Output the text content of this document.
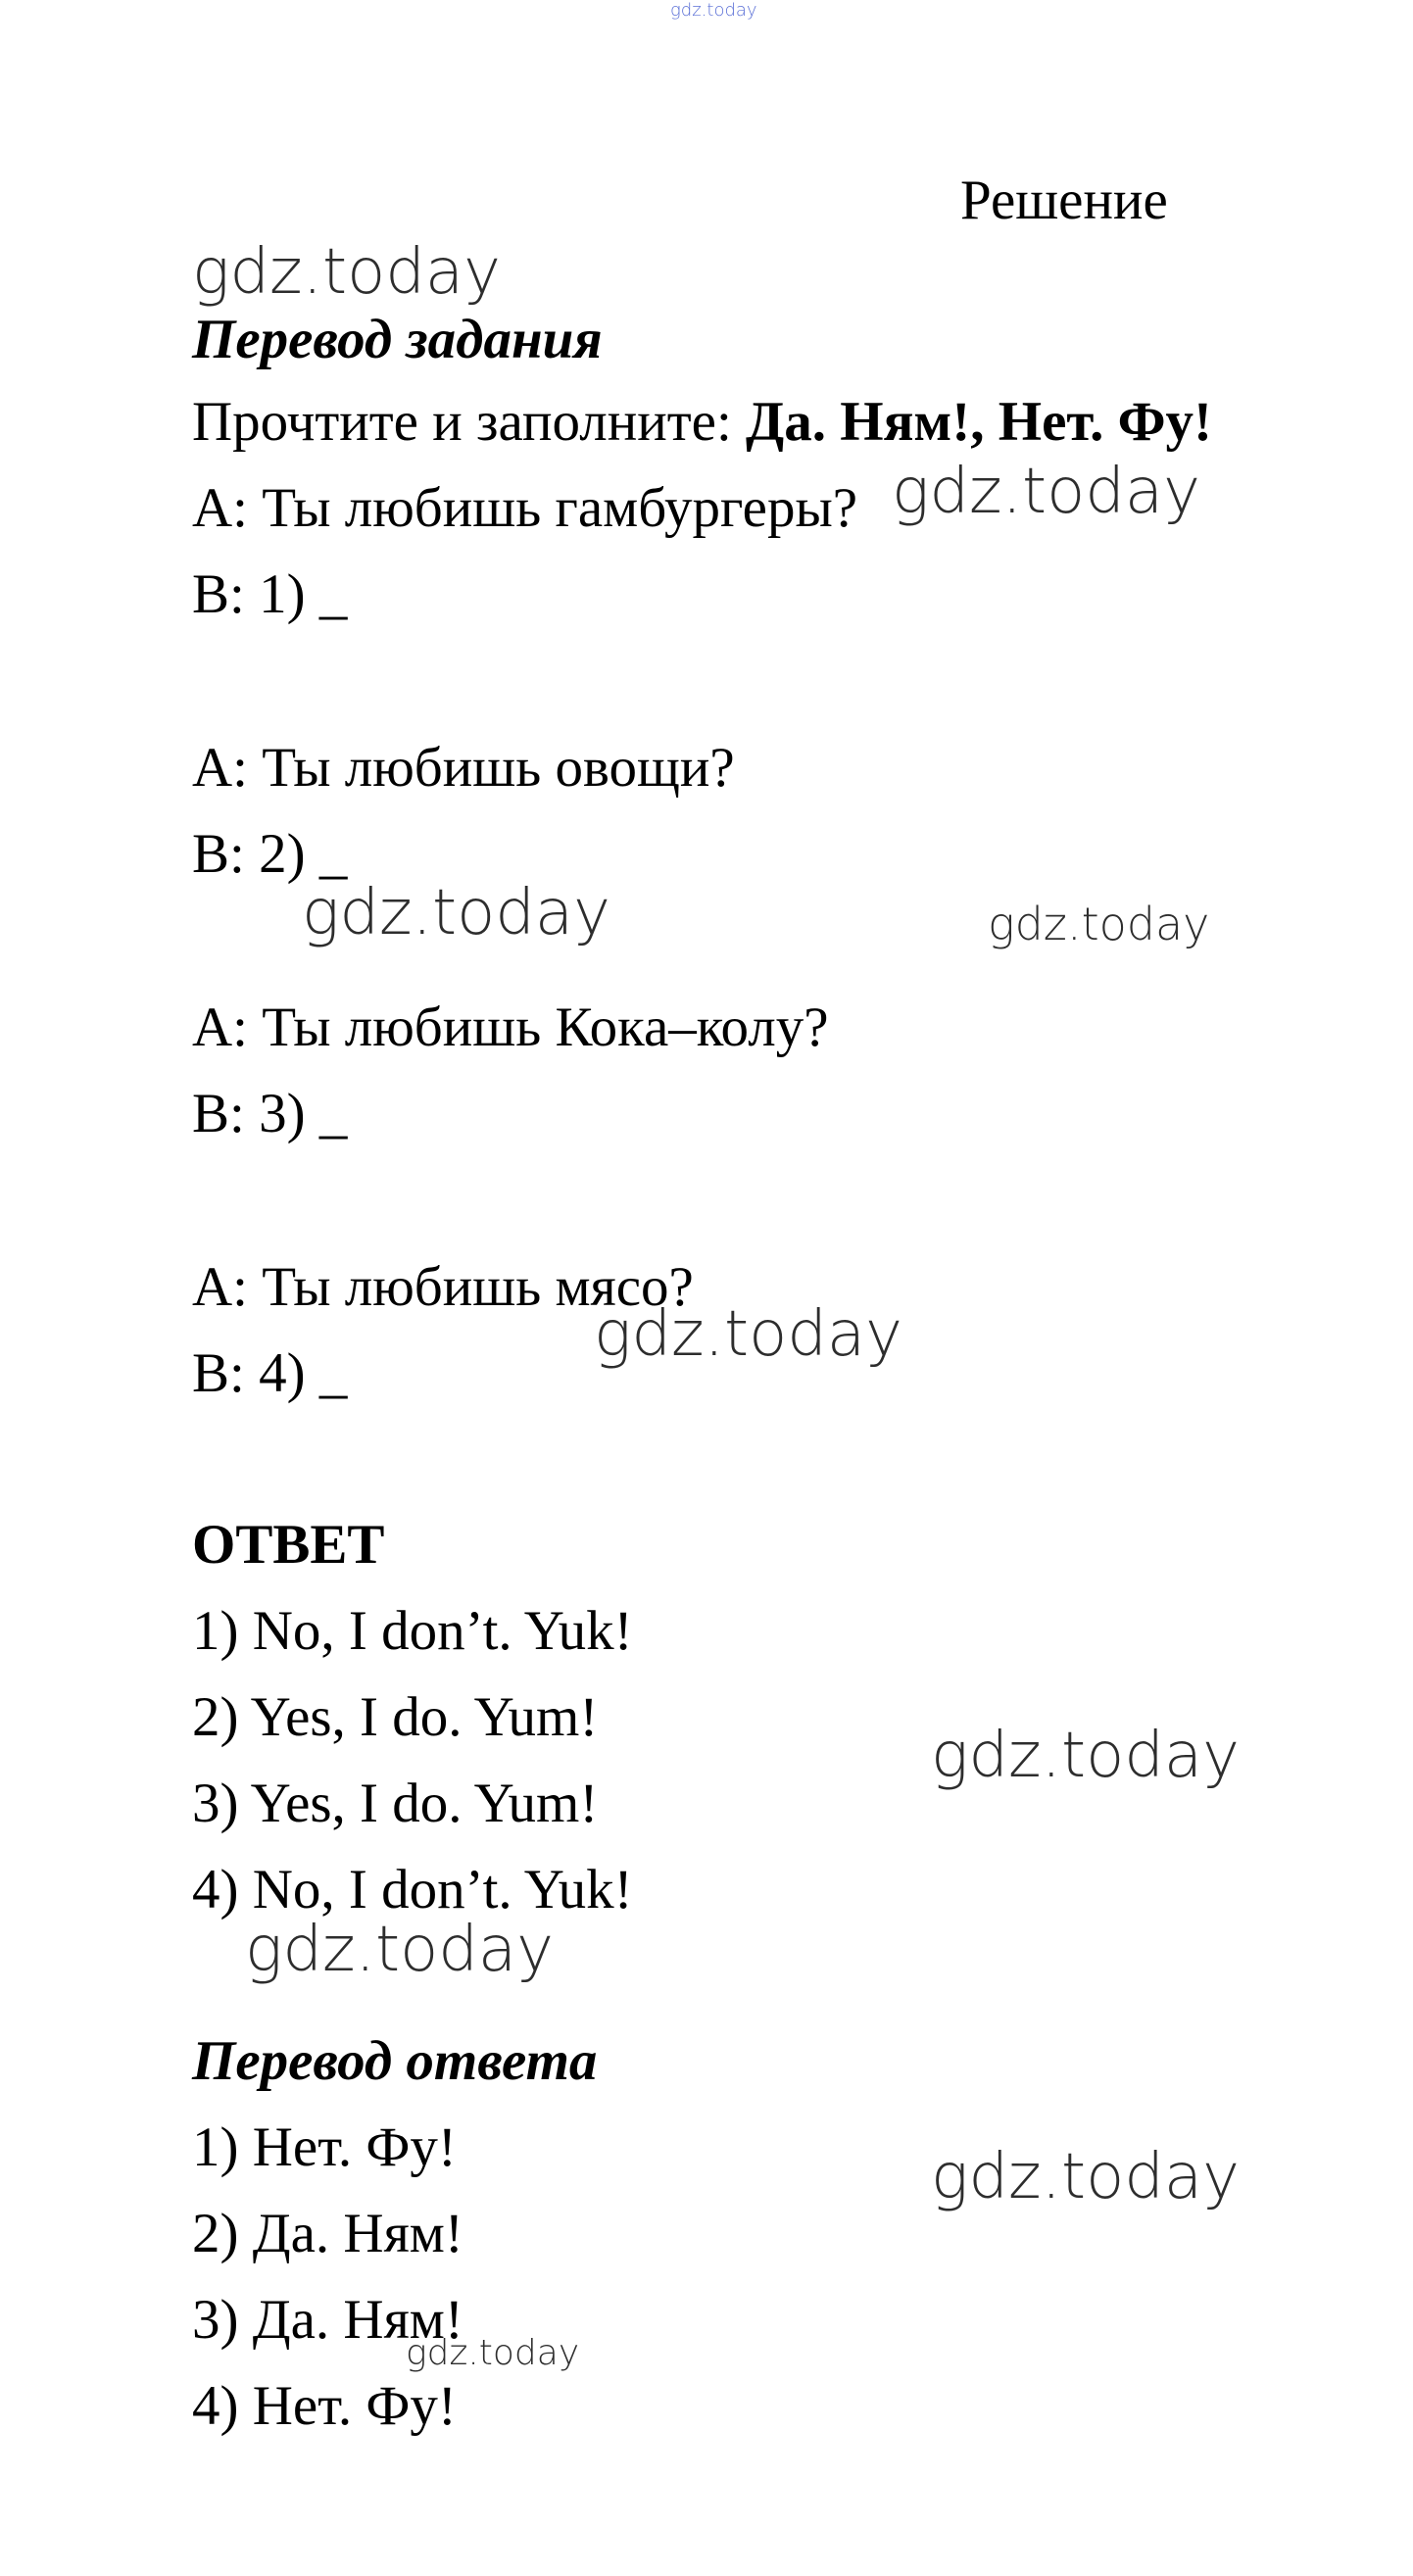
gdz.today
Решение
gdz.today
Перевод задания
Прочтите и заполните: Да. Ням!, Нет. Фу!
A: Ты любишь гамбургеры? gdz.today
B: 1) _
A: Ты любишь овощи?
B: 2) _
gdz.today	gdz.today
A: Ты любишь Кока–колу?
B: 3) _
A: Ты любишь мясо?
gdz.today
B: 4) _
ОТВЕТ
1) No, I don’t. Yuk!
2) Yes, I do. Yum!
gdz.today
3) Yes, I do. Yum!
4) No, I don’t. Yuk!
gdz.today
Перевод ответа
1) Нет. Фу!	gdz.today
2) Да. Ням!
3) Да. Ням!
gdz.today
4) Нет. Фу!
